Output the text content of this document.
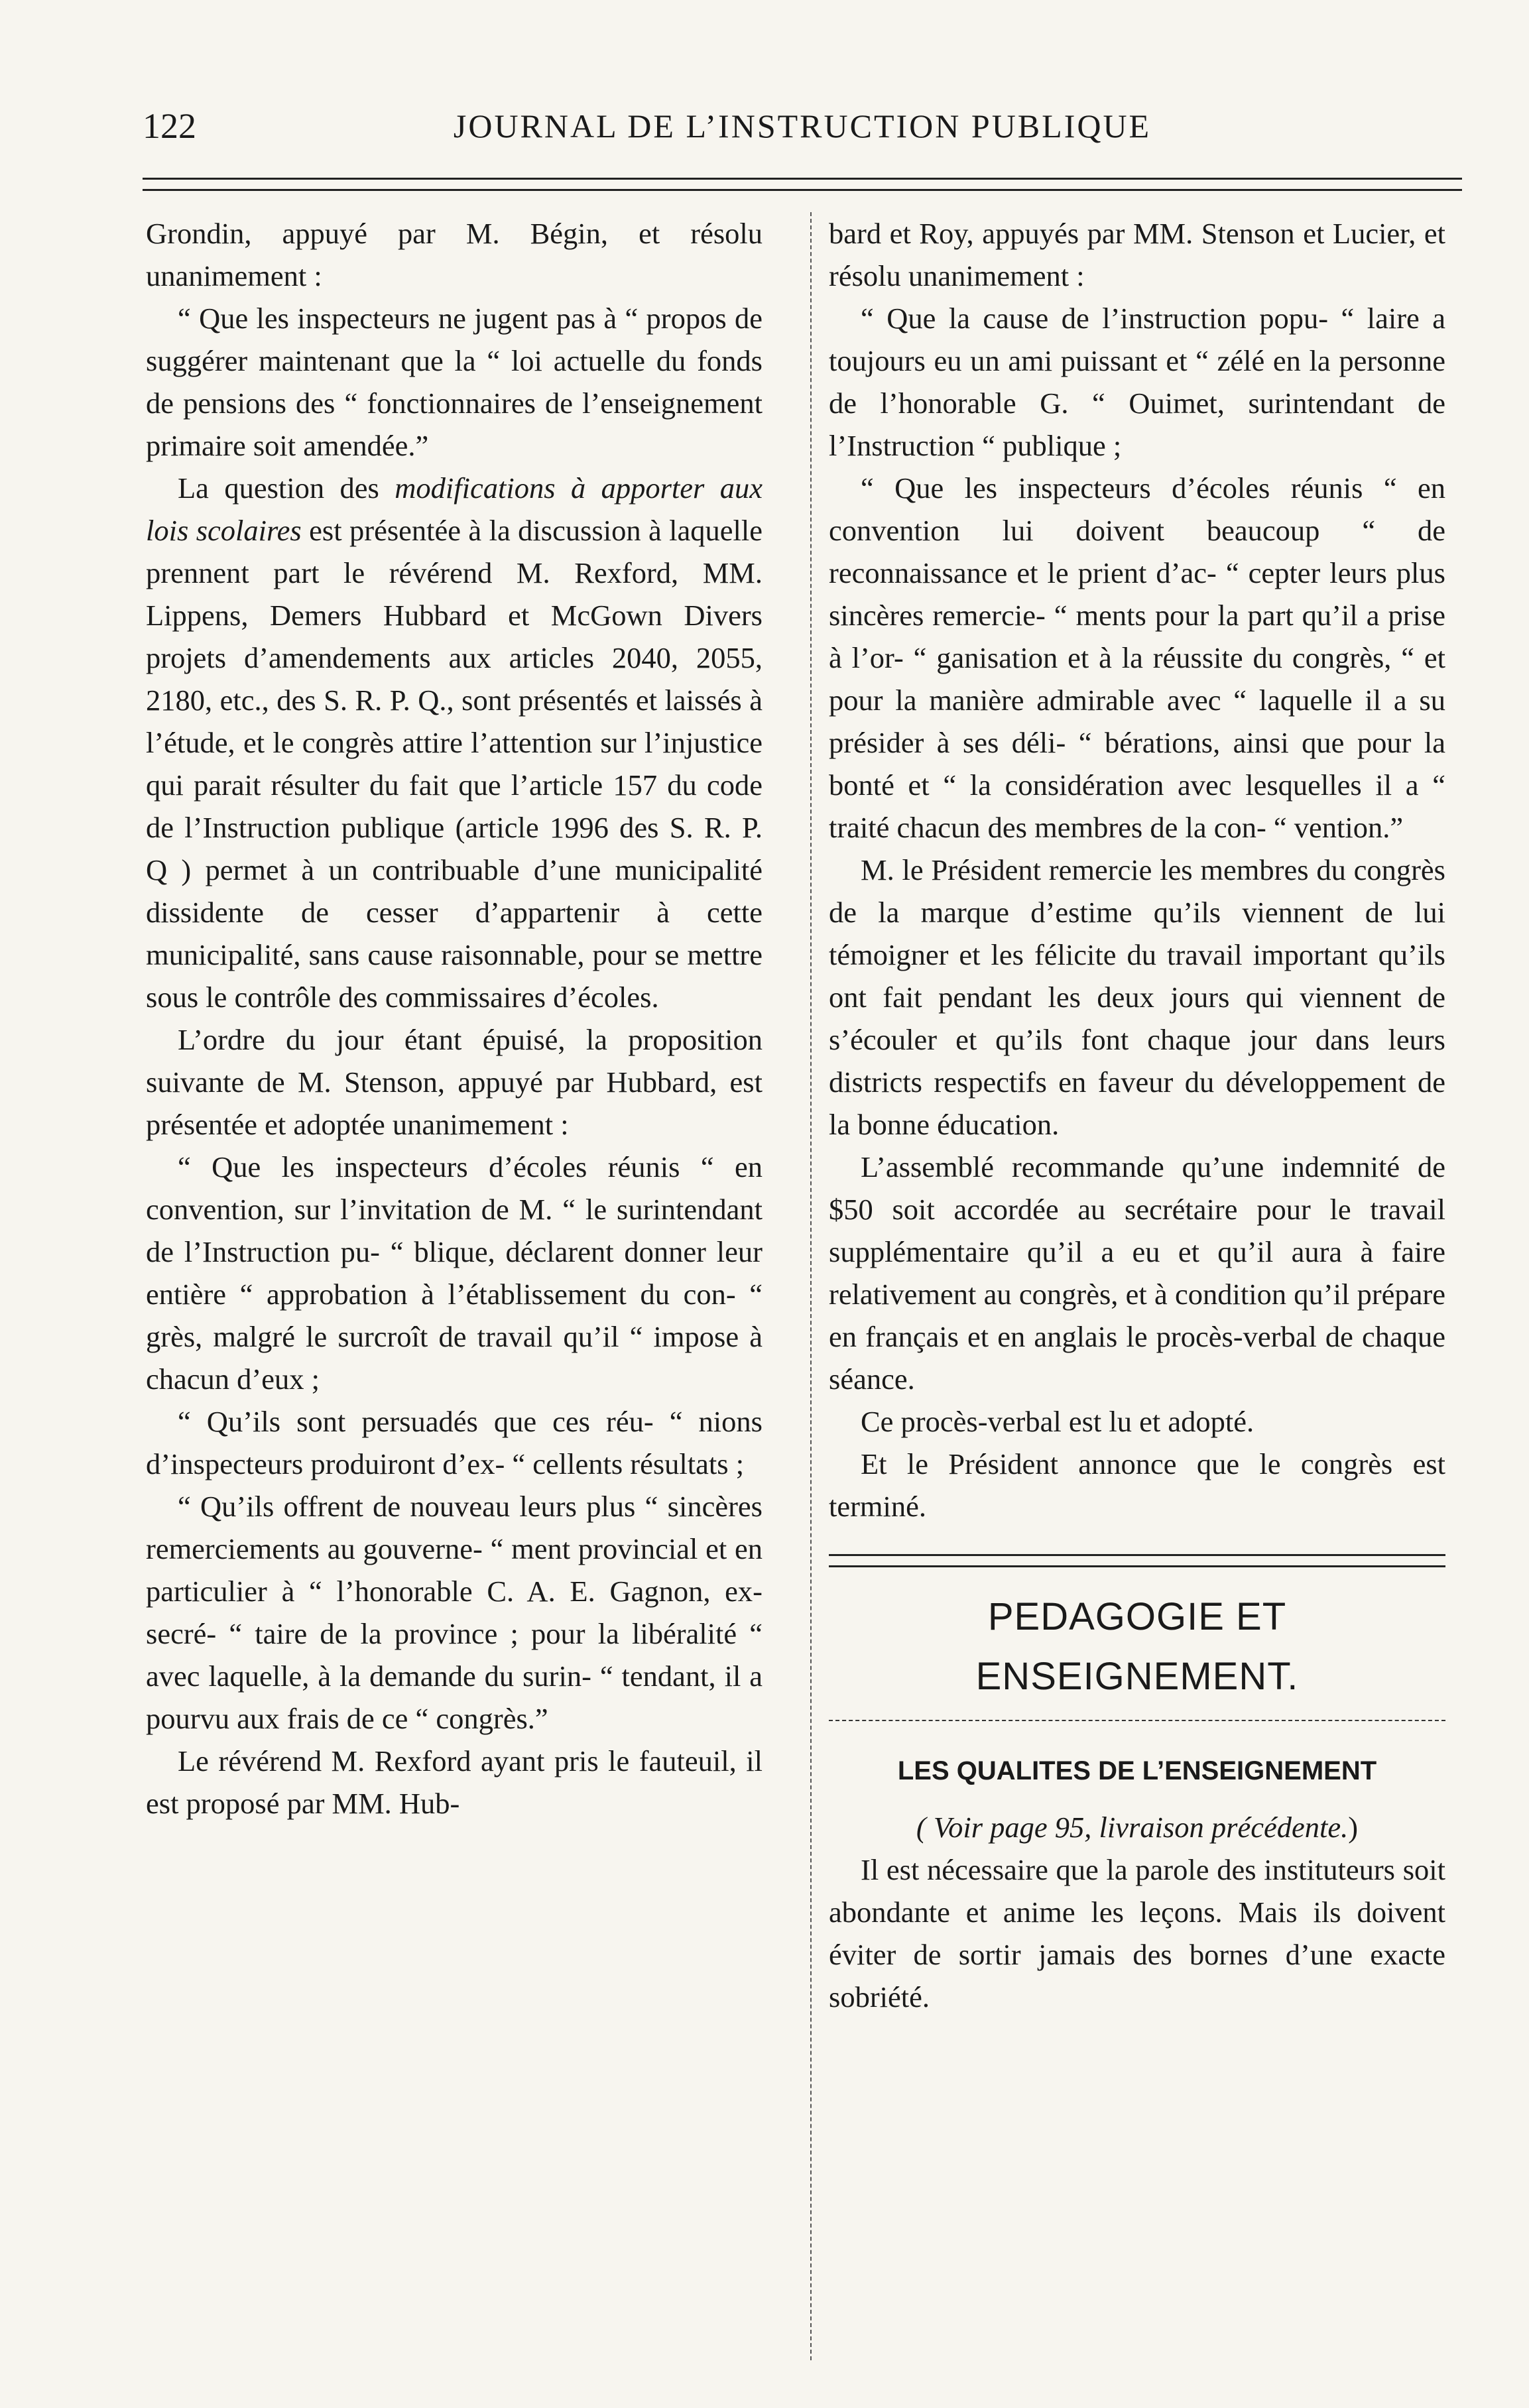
122	JOURNAL DE L’INSTRUCTION PUBLIQUE

Grondin, appuyé par M. Bégin, et résolu unanimement :

“ Que les inspecteurs ne jugent pas à “ propos de suggérer maintenant que la “ loi actuelle du fonds de pensions des “ fonctionnaires de l’enseignement primaire soit amendée.”

La question des modifications à apporter aux lois scolaires est présentée à la discussion à laquelle prennent part le révérend M. Rexford, MM. Lippens, Demers Hubbard et McGown Divers projets d’amendements aux articles 2040, 2055, 2180, etc., des S. R. P. Q., sont présentés et laissés à l’étude, et le congrès attire l’attention sur l’injustice qui parait résulter du fait que l’article 157 du code de l’Instruction publique (article 1996 des S. R. P. Q ) permet à un contribuable d’une municipalité dissidente de cesser d’appartenir à cette municipalité, sans cause raisonnable, pour se mettre sous le contrôle des commissaires d’écoles.

L’ordre du jour étant épuisé, la proposition suivante de M. Stenson, appuyé par Hubbard, est présentée et adoptée unanimement :

“ Que les inspecteurs d’écoles réunis “ en convention, sur l’invitation de M. “ le surintendant de l’Instruction pu- “ blique, déclarent donner leur entière “ approbation à l’établissement du con- “ grès, malgré le surcroît de travail qu’il “ impose à chacun d’eux ;

“ Qu’ils sont persuadés que ces réu- “ nions d’inspecteurs produiront d’ex- “ cellents résultats ;

“ Qu’ils offrent de nouveau leurs plus “ sincères remerciements au gouverne- “ ment provincial et en particulier à “ l’honorable C. A. E. Gagnon, ex-secré- “ taire de la province ; pour la libéralité “ avec laquelle, à la demande du surin- “ tendant, il a pourvu aux frais de ce “ congrès.”

Le révérend M. Rexford ayant pris le fauteuil, il est proposé par MM. Hub-

bard et Roy, appuyés par MM. Stenson et Lucier, et résolu unanimement :

“ Que la cause de l’instruction popu- “ laire a toujours eu un ami puissant et “ zélé en la personne de l’honorable G. “ Ouimet, surintendant de l’Instruction “ publique ;

“ Que les inspecteurs d’écoles réunis “ en convention lui doivent beaucoup “ de reconnaissance et le prient d’ac- “ cepter leurs plus sincères remercie- “ ments pour la part qu’il a prise à l’or- “ ganisation et à la réussite du congrès, “ et pour la manière admirable avec “ laquelle il a su présider à ses déli- “ bérations, ainsi que pour la bonté et “ la considération avec lesquelles il a “ traité chacun des membres de la con- “ vention.”

M. le Président remercie les membres du congrès de la marque d’estime qu’ils viennent de lui témoigner et les félicite du travail important qu’ils ont fait pendant les deux jours qui viennent de s’écouler et qu’ils font chaque jour dans leurs districts respectifs en faveur du développement de la bonne éducation.

L’assemblé recommande qu’une indemnité de $50 soit accordée au secrétaire pour le travail supplémentaire qu’il a eu et qu’il aura à faire relativement au congrès, et à condition qu’il prépare en français et en anglais le procès-verbal de chaque séance.

Ce procès-verbal est lu et adopté.

Et le Président annonce que le congrès est terminé.

PEDAGOGIE ET ENSEIGNEMENT.
LES QUALITES DE L’ENSEIGNEMENT

( Voir page 95, livraison précédente.)

Il est nécessaire que la parole des instituteurs soit abondante et anime les leçons. Mais ils doivent éviter de sortir jamais des bornes d’une exacte sobriété.
